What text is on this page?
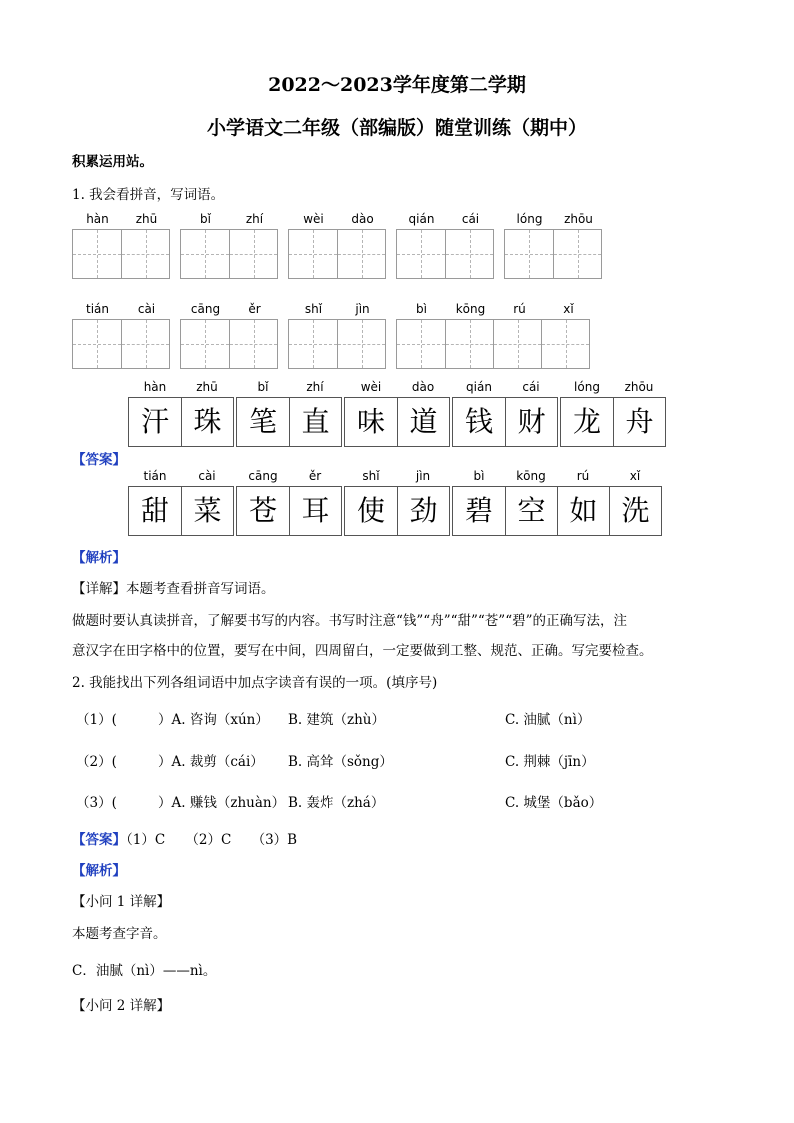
2022～2023学年度第二学期
小学语文二年级（部编版）随堂训练（期中）
积累运用站。
1. 我会看拼音，写词语。
hàn	zhū	bǐ	zhí	wèi	dào	qián	cái	lóng	zhōu
tián	cài	cāng	ěr	shǐ	jìn	bì	kōng	rú	xǐ
【答案】
hàn	zhū
汗 珠
bǐ	zhí
笔 直
wèi	dào
味 道
qián	cái
钱 财
lóng	zhōu
龙 舟
tián	cài
甜 菜
cāng	ěr
苍 耳
shǐ	jìn
使 劲
bì	kōng	rú	xǐ
碧 空 如 洗
【解析】
【详解】本题考查看拼音写词语。
做题时要认真读拼音，了解要书写的内容。书写时注意“钱”“舟”“甜”“苍”“碧”的正确写法，注
意汉字在田字格中的位置，要写在中间，四周留白，一定要做到工整、规范、正确。写完要检查。
2. 我能找出下列各组词语中加点字读音有误的一项。(填序号)
（1）(	）A. 咨询（xún） B. 建筑（zhù）	C. 油腻（nì）
（2）(	）A. 裁剪（cái） B. 高耸（sǒng）	C. 荆棘（jīn）
（3）(	）A. 赚钱（zhuàn） B. 轰炸（zhá）	C. 城堡（bǎo）
【答案】（1）C　　（2）C　　（3）B
【解析】
【小问 1 详解】
本题考查字音。
C．油腻（nì）——nì。
【小问 2 详解】
